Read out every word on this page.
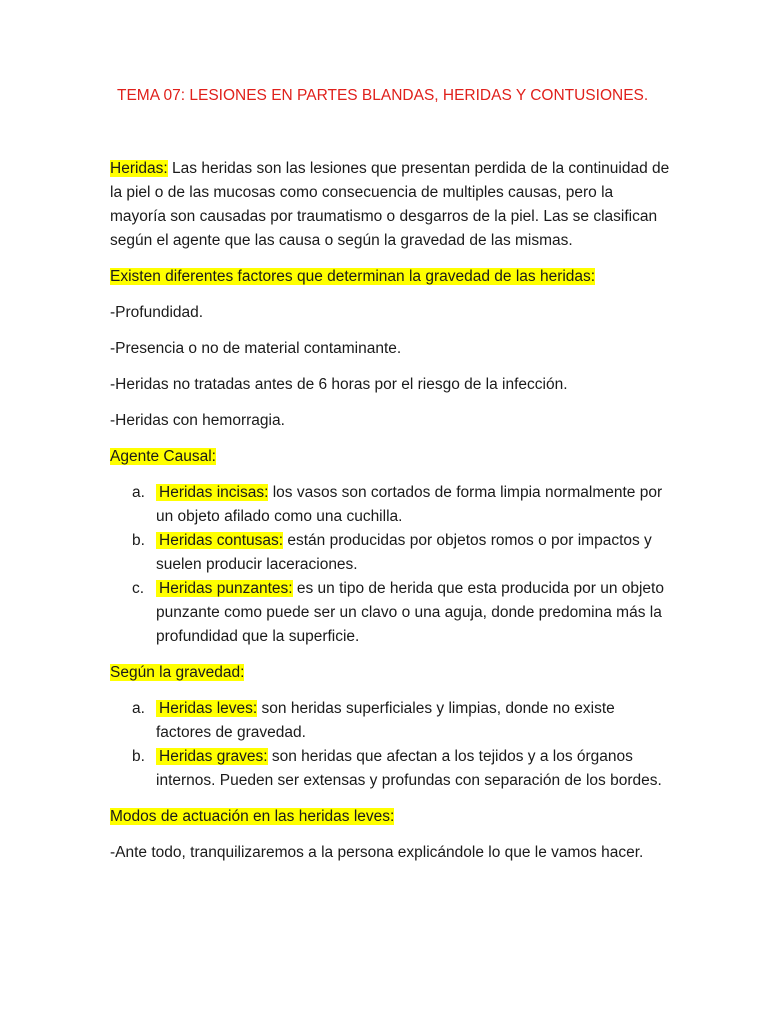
TEMA 07: LESIONES EN PARTES BLANDAS, HERIDAS Y CONTUSIONES.

Heridas: Las heridas son las lesiones que presentan perdida de la continuidad de la piel o de las mucosas como consecuencia de multiples causas, pero la mayoría son causadas por traumatismo o desgarros de la piel. Las se clasifican según el agente que las causa o según la gravedad de las mismas.

Existen diferentes factores que determinan la gravedad de las heridas:

-Profundidad.

-Presencia o no de material contaminante.

-Heridas no tratadas antes de 6 horas por el riesgo de la infección.

-Heridas con hemorragia.

Agente Causal:

a. Heridas incisas: los vasos son cortados de forma limpia normalmente por un objeto afilado como una cuchilla.
b. Heridas contusas: están producidas por objetos romos o por impactos y suelen producir laceraciones.
c. Heridas punzantes: es un tipo de herida que esta producida por un objeto punzante como puede ser un clavo o una aguja, donde predomina más la profundidad que la superficie.

Según la gravedad:

a. Heridas leves: son heridas superficiales y limpias, donde no existe factores de gravedad.
b. Heridas graves: son heridas que afectan a los tejidos y a los órganos internos. Pueden ser extensas y profundas con separación de los bordes.

Modos de actuación en las heridas leves:

-Ante todo, tranquilizaremos a la persona explicándole lo que le vamos hacer.
